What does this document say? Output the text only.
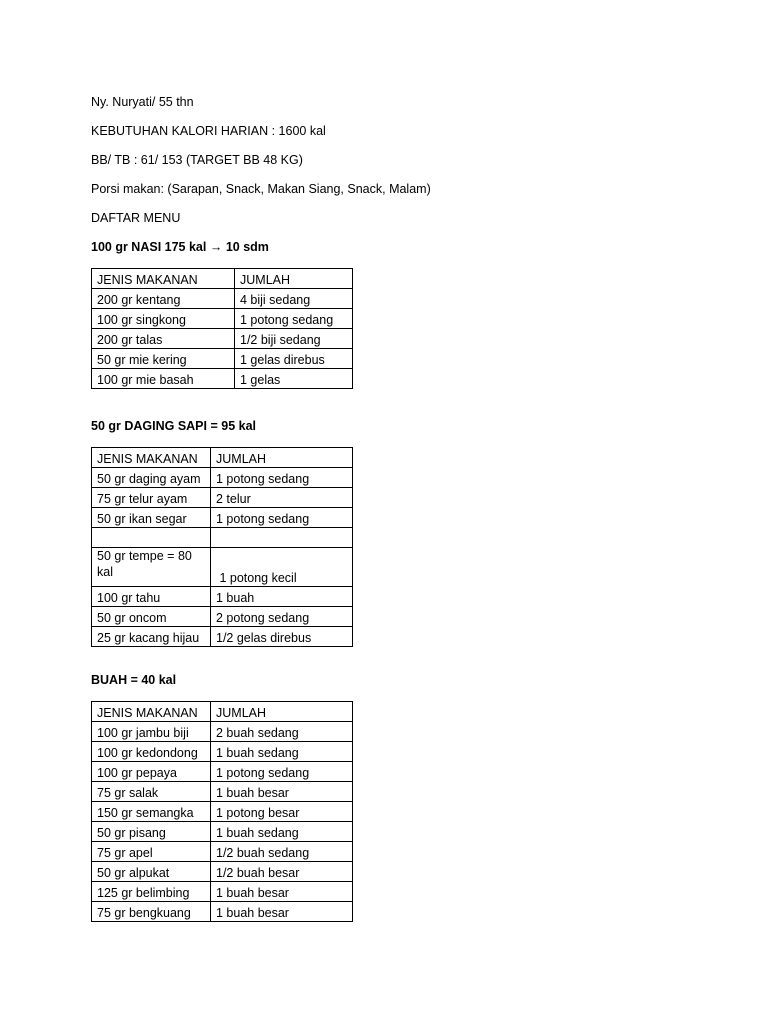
Ny. Nuryati/ 55 thn
KEBUTUHAN KALORI HARIAN : 1600 kal
BB/ TB : 61/ 153 (TARGET BB 48 KG)
Porsi makan: (Sarapan, Snack, Makan Siang, Snack, Malam)
DAFTAR MENU
100 gr NASI 175 kal → 10 sdm
JENIS MAKANAN	JUMLAH
200 gr kentang	4 biji sedang
100 gr singkong	1 potong sedang
200 gr talas	1/2 biji sedang
50 gr mie kering	1 gelas direbus
100 gr mie basah	1 gelas
50 gr DAGING SAPI = 95 kal
JENIS MAKANAN	JUMLAH
50 gr daging ayam	1 potong sedang
75 gr telur ayam	2 telur
50 gr ikan segar	1 potong sedang

50 gr tempe = 80 kal	1 potong kecil
100 gr tahu	1 buah
50 gr oncom	2 potong sedang
25 gr kacang hijau	1/2 gelas direbus
BUAH = 40 kal
JENIS MAKANAN	JUMLAH
100 gr jambu biji	2 buah sedang
100 gr kedondong	1 buah sedang
100 gr pepaya	1 potong sedang
75 gr salak	1 buah besar
150 gr semangka	1 potong besar
50 gr pisang	1 buah sedang
75 gr apel	1/2 buah sedang
50 gr alpukat	1/2 buah besar
125 gr belimbing	1 buah besar
75 gr bengkuang	1 buah besar
